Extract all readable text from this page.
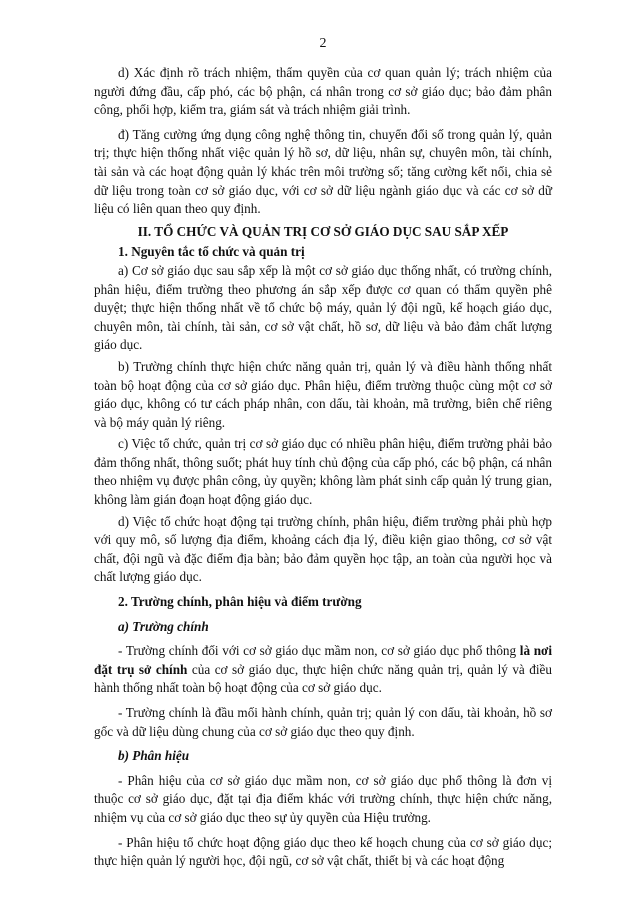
2

d) Xác định rõ trách nhiệm, thẩm quyền của cơ quan quản lý; trách nhiệm của người đứng đầu, cấp phó, các bộ phận, cá nhân trong cơ sở giáo dục; bảo đảm phân công, phối hợp, kiểm tra, giám sát và trách nhiệm giải trình.

đ) Tăng cường ứng dụng công nghệ thông tin, chuyển đổi số trong quản lý, quản trị; thực hiện thống nhất việc quản lý hồ sơ, dữ liệu, nhân sự, chuyên môn, tài chính, tài sản và các hoạt động quản lý khác trên môi trường số; tăng cường kết nối, chia sẻ dữ liệu trong toàn cơ sở giáo dục, với cơ sở dữ liệu ngành giáo dục và các cơ sở dữ liệu có liên quan theo quy định.

II. TỔ CHỨC VÀ QUẢN TRỊ CƠ SỞ GIÁO DỤC SAU SẮP XẾP
1. Nguyên tắc tổ chức và quản trị

a) Cơ sở giáo dục sau sắp xếp là một cơ sở giáo dục thống nhất, có trường chính, phân hiệu, điểm trường theo phương án sắp xếp được cơ quan có thẩm quyền phê duyệt; thực hiện thống nhất về tổ chức bộ máy, quản lý đội ngũ, kế hoạch giáo dục, chuyên môn, tài chính, tài sản, cơ sở vật chất, hồ sơ, dữ liệu và bảo đảm chất lượng giáo dục.

b) Trường chính thực hiện chức năng quản trị, quản lý và điều hành thống nhất toàn bộ hoạt động của cơ sở giáo dục. Phân hiệu, điểm trường thuộc cùng một cơ sở giáo dục, không có tư cách pháp nhân, con dấu, tài khoản, mã trường, biên chế riêng và bộ máy quản lý riêng.

c) Việc tổ chức, quản trị cơ sở giáo dục có nhiều phân hiệu, điểm trường phải bảo đảm thống nhất, thông suốt; phát huy tính chủ động của cấp phó, các bộ phận, cá nhân theo nhiệm vụ được phân công, ủy quyền; không làm phát sinh cấp quản lý trung gian, không làm gián đoạn hoạt động giáo dục.

d) Việc tổ chức hoạt động tại trường chính, phân hiệu, điểm trường phải phù hợp với quy mô, số lượng địa điểm, khoảng cách địa lý, điều kiện giao thông, cơ sở vật chất, đội ngũ và đặc điểm địa bàn; bảo đảm quyền học tập, an toàn của người học và chất lượng giáo dục.

2. Trường chính, phân hiệu và điểm trường
a) Trường chính

- Trường chính đối với cơ sở giáo dục mầm non, cơ sở giáo dục phổ thông là nơi đặt trụ sở chính của cơ sở giáo dục, thực hiện chức năng quản trị, quản lý và điều hành thống nhất toàn bộ hoạt động của cơ sở giáo dục.

- Trường chính là đầu mối hành chính, quản trị; quản lý con dấu, tài khoản, hồ sơ gốc và dữ liệu dùng chung của cơ sở giáo dục theo quy định.

b) Phân hiệu

- Phân hiệu của cơ sở giáo dục mầm non, cơ sở giáo dục phổ thông là đơn vị thuộc cơ sở giáo dục, đặt tại địa điểm khác với trường chính, thực hiện chức năng, nhiệm vụ của cơ sở giáo dục theo sự ủy quyền của Hiệu trưởng.

- Phân hiệu tổ chức hoạt động giáo dục theo kế hoạch chung của cơ sở giáo dục; thực hiện quản lý người học, đội ngũ, cơ sở vật chất, thiết bị và các hoạt động
